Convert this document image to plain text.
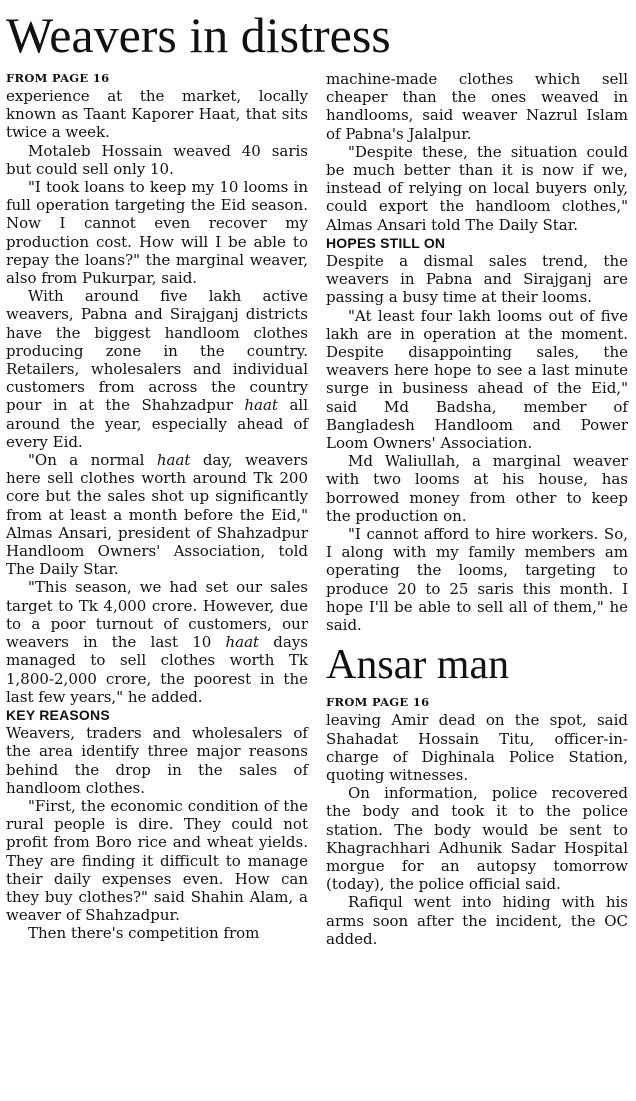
Weavers in distress
FROM PAGE 16

experience at the market, locally known as Taant Kaporer Haat, that sits twice a week.

Motaleb Hossain weaved 40 saris but could sell only 10.

"I took loans to keep my 10 looms in full operation targeting the Eid season. Now I cannot even recover my production cost. How will I be able to repay the loans?" the marginal weaver, also from Pukurpar, said.

With around five lakh active weavers, Pabna and Sirajganj districts have the biggest handloom clothes producing zone in the country. Retailers, wholesalers and individual customers from across the country pour in at the Shahzadpur haat all around the year, especially ahead of every Eid.

"On a normal haat day, weavers here sell clothes worth around Tk 200 core but the sales shot up significantly from at least a month before the Eid," Almas Ansari, president of Shahzadpur Handloom Owners' Association, told The Daily Star.

"This season, we had set our sales target to Tk 4,000 crore. However, due to a poor turnout of customers, our weavers in the last 10 haat days managed to sell clothes worth Tk 1,800-2,000 crore, the poorest in the last few years," he added.

KEY REASONS

Weavers, traders and wholesalers of the area identify three major reasons behind the drop in the sales of handloom clothes.

"First, the economic condition of the rural people is dire. They could not profit from Boro rice and wheat yields. They are finding it difficult to manage their daily expenses even. How can they buy clothes?" said Shahin Alam, a weaver of Shahzadpur.

Then there's competition from

machine-made clothes which sell cheaper than the ones weaved in handlooms, said weaver Nazrul Islam of Pabna's Jalalpur.

"Despite these, the situation could be much better than it is now if we, instead of relying on local buyers only, could export the handloom clothes," Almas Ansari told The Daily Star.

HOPES STILL ON

Despite a dismal sales trend, the weavers in Pabna and Sirajganj are passing a busy time at their looms.

"At least four lakh looms out of five lakh are in operation at the moment. Despite disappointing sales, the weavers here hope to see a last minute surge in business ahead of the Eid," said Md Badsha, member of Bangladesh Handloom and Power Loom Owners' Association.

Md Waliullah, a marginal weaver with two looms at his house, has borrowed money from other to keep the production on.

"I cannot afford to hire workers. So, I along with my family members am operating the looms, targeting to produce 20 to 25 saris this month. I hope I'll be able to sell all of them," he said.

Ansar man
FROM PAGE 16

leaving Amir dead on the spot, said Shahadat Hossain Titu, officer-in-charge of Dighinala Police Station, quoting witnesses.

On information, police recovered the body and took it to the police station. The body would be sent to Khagrachhari Adhunik Sadar Hospital morgue for an autopsy tomorrow (today), the police official said.

Rafiqul went into hiding with his arms soon after the incident, the OC added.
